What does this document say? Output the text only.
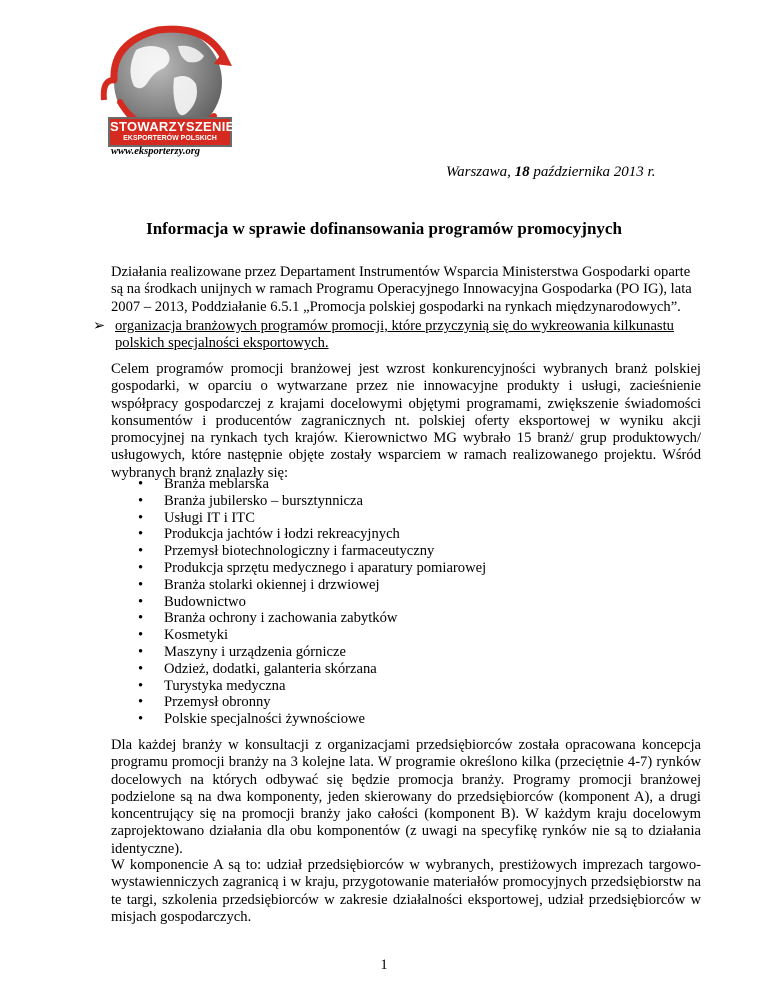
STOWARZYSZENIE
EKSPORTERÓW POLSKICH
www.eksporterzy.org
Warszawa, 18 października 2013 r.
Informacja w sprawie dofinansowania programów promocyjnych
Działania realizowane przez Departament Instrumentów Wsparcia Ministerstwa Gospodarki oparte są na środkach unijnych w ramach Programu Operacyjnego Innowacyjna Gospodarka (PO IG), lata 2007 – 2013, Poddziałanie 6.5.1 „Promocja polskiej gospodarki na rynkach międzynarodowych”.
➢ organizacja branżowych programów promocji, które przyczynią się do wykreowania kilkunastu polskich specjalności eksportowych.
Celem programów promocji branżowej jest wzrost konkurencyjności wybranych branż polskiej gospodarki, w oparciu o wytwarzane przez nie innowacyjne produkty i usługi, zacieśnienie współpracy gospodarczej z krajami docelowymi objętymi programami, zwiększenie świadomości konsumentów i producentów zagranicznych nt. polskiej oferty eksportowej w wyniku akcji promocyjnej na rynkach tych krajów. Kierownictwo MG wybrało 15 branż/ grup produktowych/ usługowych, które następnie objęte zostały wsparciem w ramach realizowanego projektu. Wśród wybranych branż znalazły się:
• Branża meblarska
• Branża jubilersko – bursztynnicza
• Usługi IT i ITC
• Produkcja jachtów i łodzi rekreacyjnych
• Przemysł biotechnologiczny i farmaceutyczny
• Produkcja sprzętu medycznego i aparatury pomiarowej
• Branża stolarki okiennej i drzwiowej
• Budownictwo
• Branża ochrony i zachowania zabytków
• Kosmetyki
• Maszyny i urządzenia górnicze
• Odzież, dodatki, galanteria skórzana
• Turystyka medyczna
• Przemysł obronny
• Polskie specjalności żywnościowe
Dla każdej branży w konsultacji z organizacjami przedsiębiorców została opracowana koncepcja programu promocji branży na 3 kolejne lata. W programie określono kilka (przeciętnie 4-7) rynków docelowych na których odbywać się będzie promocja branży. Programy promocji branżowej podzielone są na dwa komponenty, jeden skierowany do przedsiębiorców (komponent A), a drugi koncentrujący się na promocji branży jako całości (komponent B). W każdym kraju docelowym zaprojektowano działania dla obu komponentów (z uwagi na specyfikę rynków nie są to działania identyczne).
W komponencie A są to: udział przedsiębiorców w wybranych, prestiżowych imprezach targowo-wystawienniczych zagranicą i w kraju, przygotowanie materiałów promocyjnych przedsiębiorstw na te targi, szkolenia przedsiębiorców w zakresie działalności eksportowej, udział przedsiębiorców w misjach gospodarczych.
1
